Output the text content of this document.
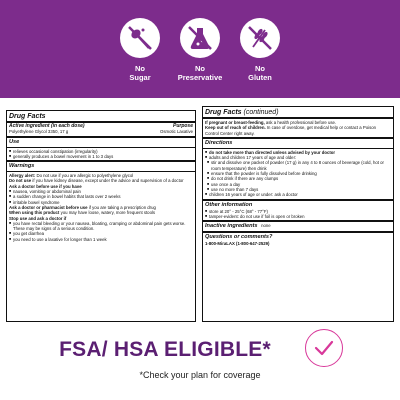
No
Sugar
No
Preservative
No
Gluten
Drug Facts
Active ingredient (in each dose)	Purpose
Polyethylene Glycol 3350, 17 g	Osmotic Laxative
Use
■ relieves occasional constipation (irregularity)
■ generally produces a bowel movement in 1 to 3 days
Warnings
Allergy alert: Do not use if you are allergic to polyethylene glycol
Do not use if you have kidney disease, except under the advice and supervision of a doctor
Ask a doctor before use if you have
■ nausea, vomiting or abdominal pain
■ a sudden change in bowel habits that lasts over 2 weeks
■ irritable bowel syndrome
Ask a doctor or pharmacist before use if you are taking a prescription drug
When using this product you may have loose, watery, more frequent stools
Stop use and ask a doctor if
■ you have rectal bleeding or your nausea, bloating, cramping or abdominal pain gets worse. These may be signs of a serious condition.
■ you get diarrhea
■ you need to use a laxative for longer than 1 week
Drug Facts (continued)
If pregnant or breast-feeding, ask a health professional before use.
Keep out of reach of children. In case of overdose, get medical help or contact a Poison Control Center right away.
Directions
■ do not take more than directed unless advised by your doctor
■ adults and children 17 years of age and older:
■ stir and dissolve one packet of powder (17 g) in any 4 to 8 ounces of beverage (cold, hot or room temperature) then drink
■ ensure that the powder is fully dissolved before drinking
■ do not drink if there are any clumps
■ use once a day
■ use no more than 7 days
■ children 16 years of age or under: ask a doctor
Other information
■ store at 20° - 25°C (68° - 77°F)
■ tamper-evident: do not use if foil is open or broken
Inactive ingredients none
Questions or comments?
1-800-MiraLAX (1-800-647-2529)
FSA/ HSA ELIGIBLE*
*Check your plan for coverage
